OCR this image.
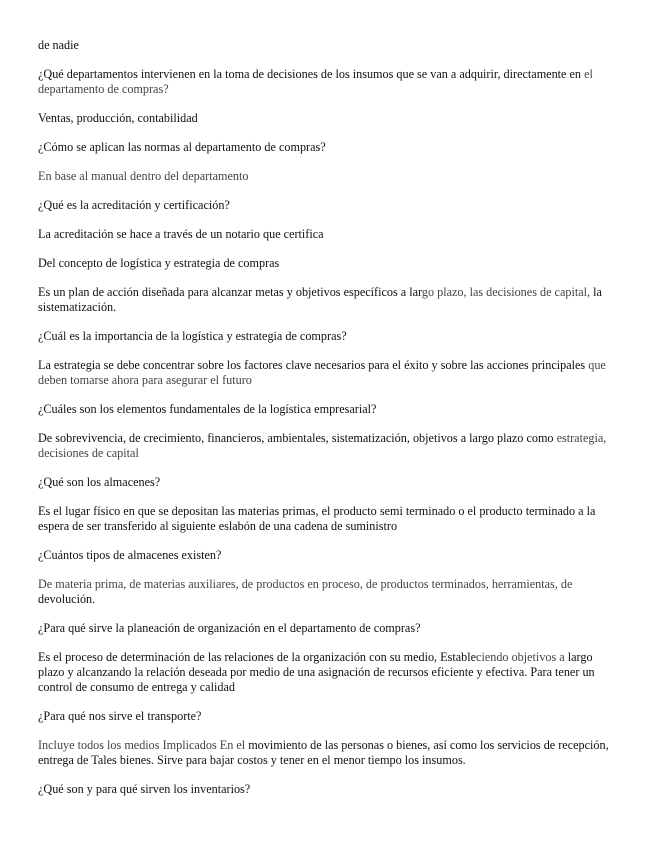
de nadie

¿Qué departamentos intervienen en la toma de decisiones de los insumos que se van a adquirir, directamente en el departamento de compras?

Ventas, producción, contabilidad

¿Cómo se aplican las normas al departamento de compras?

En base al manual dentro del departamento

¿Qué es la acreditación y certificación?

La acreditación se hace a través de un notario que certifica

Del concepto de logística y estrategia de compras

Es un plan de acción diseñada para alcanzar metas y objetivos específicos a largo plazo, las decisiones de capital, la sistematización.

¿Cuál es la importancia de la logística y estrategia de compras?

La estrategia se debe concentrar sobre los factores clave necesarios para el éxito y sobre las acciones principales que deben tomarse ahora para asegurar el futuro

¿Cuáles son los elementos fundamentales de la logística empresarial?

De sobrevivencia, de crecimiento, financieros, ambientales, sistematización, objetivos a largo plazo como estrategia, decisiones de capital

¿Qué son los almacenes?

Es el lugar físico en que se depositan las materias primas, el producto semi terminado o el producto terminado a la espera de ser transferido al siguiente eslabón de una cadena de suministro

¿Cuántos tipos de almacenes existen?

De materia prima, de materias auxiliares, de productos en proceso, de productos terminados, herramientas, de devolución.

¿Para qué sirve la planeación de organización en el departamento de compras?

Es el proceso de determinación de las relaciones de la organización con su medio, Estableciendo objetivos a largo plazo y alcanzando la relación deseada por medio de una asignación de recursos eficiente y efectiva. Para tener un control de consumo de entrega y calidad

¿Para qué nos sirve el transporte?

Incluye todos los medios Implicados En el movimiento de las personas o bienes, así como los servicios de recepción, entrega de Tales bienes. Sirve para bajar costos y tener en el menor tiempo los insumos.

¿Qué son y para qué sirven los inventarios?
